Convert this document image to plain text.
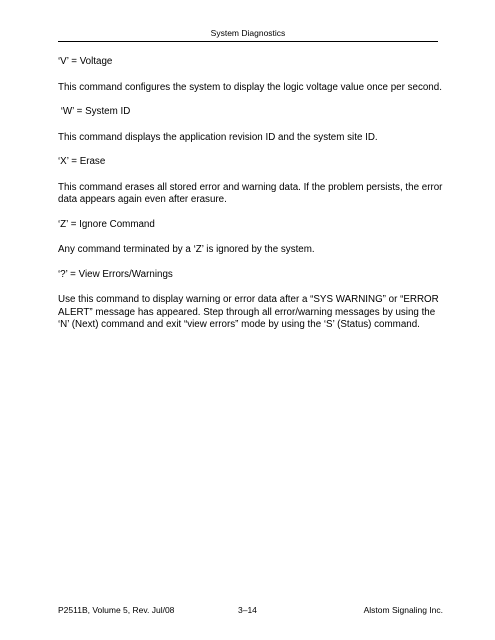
System Diagnostics

‘V’ = Voltage

This command configures the system to display the logic voltage value once per second.

‘W’ = System ID

This command displays the application revision ID and the system site ID.

‘X’ = Erase

This command erases all stored error and warning data. If the problem persists, the error data appears again even after erasure.

‘Z’ = Ignore Command

Any command terminated by a ‘Z’ is ignored by the system.

‘?’ = View Errors/Warnings

Use this command to display warning or error data after a “SYS WARNING” or “ERROR ALERT” message has appeared. Step through all error/warning messages by using the ‘N’ (Next) command and exit “view errors” mode by using the ‘S’ (Status) command.

P2511B, Volume 5, Rev. Jul/08	3–14	Alstom Signaling Inc.
